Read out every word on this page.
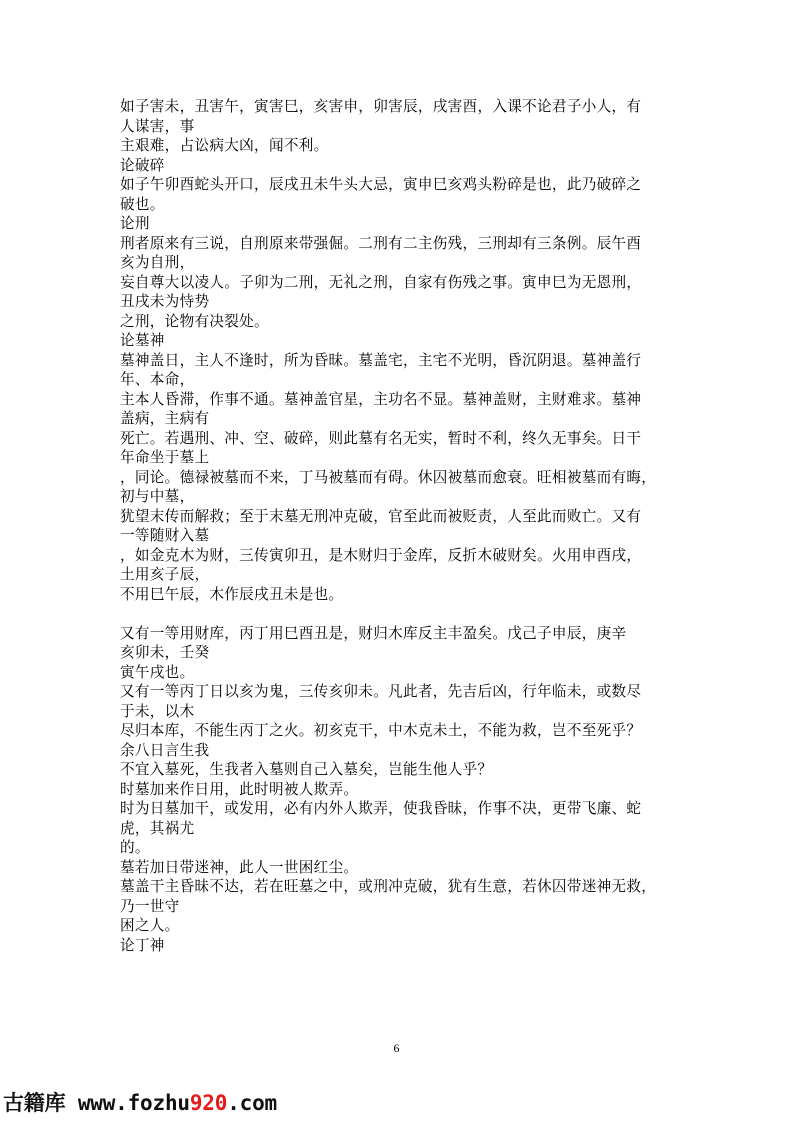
如子害未，丑害午，寅害巳，亥害申，卯害辰，戌害酉，入课不论君子小人，有
人谋害，事
主艰难，占讼病大凶，闻不利。
论破碎
如子午卯酉蛇头开口，辰戌丑未牛头大忌，寅申巳亥鸡头粉碎是也，此乃破碎之
破也。
论刑
刑者原来有三说，自刑原来带强倔。二刑有二主伤残，三刑却有三条例。辰午酉
亥为自刑，
妄自尊大以凌人。子卯为二刑，无礼之刑，自家有伤残之事。寅申巳为无恩刑，
丑戌未为恃势
之刑，论物有决裂处。
论墓神
墓神盖日，主人不逢时，所为昏昧。墓盖宅，主宅不光明，昏沉阴退。墓神盖行
年、本命，
主本人昏滞，作事不通。墓神盖官星，主功名不显。墓神盖财，主财难求。墓神
盖病，主病有
死亡。若遇刑、冲、空、破碎，则此墓有名无实，暂时不利，终久无事矣。日干
年命坐于墓上
，同论。德禄被墓而不来，丁马被墓而有碍。休囚被墓而愈衰。旺相被墓而有晦，
初与中墓，
犹望末传而解救；至于末墓无刑冲克破，官至此而被贬责，人至此而败亡。又有
一等随财入墓
，如金克木为财，三传寅卯丑，是木财归于金库，反折木破财矣。火用申酉戌，
土用亥子辰，
不用巳午辰，木作辰戌丑未是也。
又有一等用财库，丙丁用巳酉丑是，财归木库反主丰盈矣。戊己子申辰，庚辛
亥卯未，壬癸
寅午戌也。
又有一等丙丁日以亥为鬼，三传亥卯未。凡此者，先吉后凶，行年临未，或数尽
于未，以木
尽归本库，不能生丙丁之火。初亥克干，中木克未土，不能为救，岂不至死乎？
余八日言生我
不宜入墓死，生我者入墓则自己入墓矣，岂能生他人乎？
时墓加来作日用，此时明被人欺弄。
时为日墓加干，或发用，必有内外人欺弄，使我昏昧，作事不决，更带飞廉、蛇
虎，其祸尤
的。
墓若加日带迷神，此人一世困红尘。
墓盖干主昏昧不达，若在旺墓之中，或刑冲克破，犹有生意，若休囚带迷神无救，
乃一世守
困之人。
论丁神
6
古籍库 www.fozhu920.com
